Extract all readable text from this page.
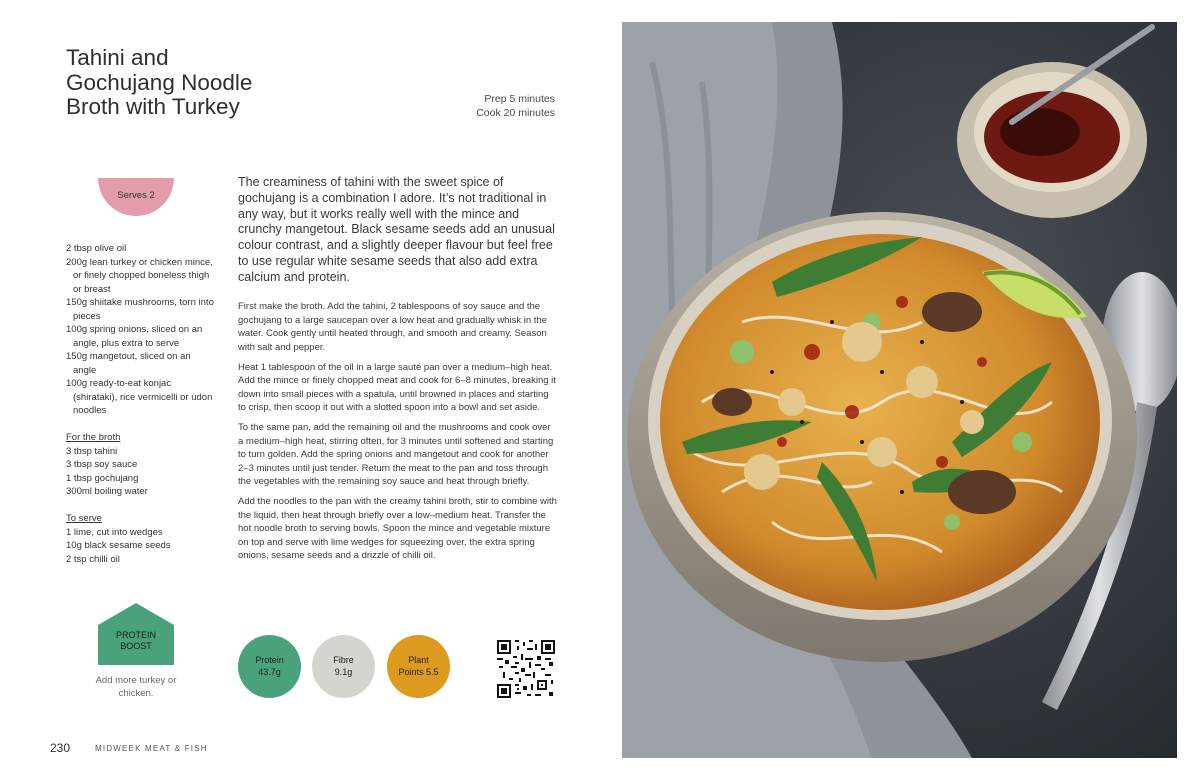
Tahini and
Gochujang Noodle
Broth with Turkey	Prep 5 minutes
Cook 20 minutes
Serves 2
2 tbsp olive oil
200g lean turkey or chicken mince, or finely chopped boneless thigh or breast
150g shiitake mushrooms, torn into pieces
100g spring onions, sliced on an angle, plus extra to serve
150g mangetout, sliced on an angle
100g ready-to-eat konjac (shirataki), rice vermicelli or udon noodles
For the broth
3 tbsp tahini
3 tbsp soy sauce
1 tbsp gochujang
300ml boiling water
To serve
1 lime, cut into wedges
10g black sesame seeds
2 tsp chilli oil

The creaminess of tahini with the sweet spice of gochujang is a combination I adore. It’s not traditional in any way, but it works really well with the mince and crunchy mangetout. Black sesame seeds add an unusual colour contrast, and a slightly deeper flavour but feel free to use regular white sesame seeds that also add extra calcium and protein.

First make the broth. Add the tahini, 2 tablespoons of soy sauce and the gochujang to a large saucepan over a low heat and gradually whisk in the water. Cook gently until heated through, and smooth and creamy. Season with salt and pepper.

Heat 1 tablespoon of the oil in a large sauté pan over a medium–high heat. Add the mince or finely chopped meat and cook for 6–8 minutes, breaking it down into small pieces with a spatula, until browned in places and starting to crisp, then scoop it out with a slotted spoon into a bowl and set aside.

To the same pan, add the remaining oil and the mushrooms and cook over a medium–high heat, stirring often, for 3 minutes until softened and starting to turn golden. Add the spring onions and mangetout and cook for another 2–3 minutes until just tender. Return the meat to the pan and toss through the vegetables with the remaining soy sauce and heat through briefly.

Add the noodles to the pan with the creamy tahini broth, stir to combine with the liquid, then heat through briefly over a low–medium heat. Transfer the hot noodle broth to serving bowls. Spoon the mince and vegetable mixture on top and serve with lime wedges for squeezing over, the extra spring onions, sesame seeds and a drizzle of chilli oil.

PROTEIN
BOOST
Add more turkey or chicken.
Protein
43.7g
Fibre
9.1g
Plant
Points 5.5
230	MIDWEEK MEAT & FISH
